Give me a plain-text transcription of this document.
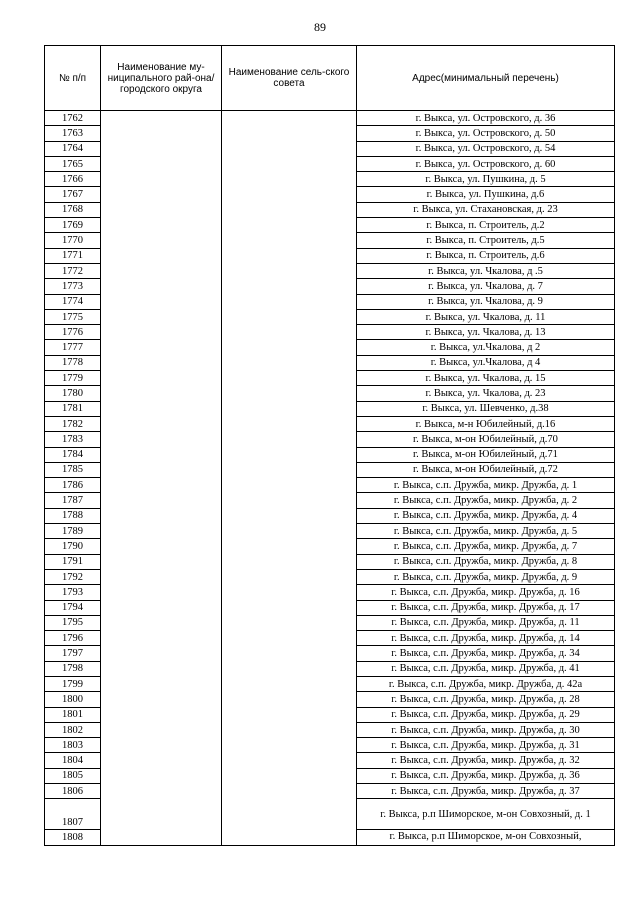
89
№ п/п	Наименование му-ниципального рай-она/ городского округа	Наименование сель-ского совета	Адрес(минимальный перечень)
1762			г. Выкса, ул. Островского, д. 36
1763			г. Выкса, ул. Островского, д. 50
1764			г. Выкса, ул. Островского, д. 54
1765			г. Выкса, ул. Островского, д. 60
1766			г. Выкса, ул. Пушкина, д. 5
1767			г. Выкса, ул. Пушкина, д.6
1768			г. Выкса, ул. Стахановская, д. 23
1769			г. Выкса, п. Строитель, д.2
1770			г. Выкса, п. Строитель, д.5
1771			г. Выкса, п. Строитель, д.6
1772			г. Выкса, ул. Чкалова, д .5
1773			г. Выкса, ул. Чкалова, д. 7
1774			г. Выкса, ул. Чкалова, д. 9
1775			г. Выкса, ул. Чкалова, д. 11
1776			г. Выкса, ул. Чкалова, д. 13
1777			г. Выкса, ул.Чкалова, д 2
1778			г. Выкса, ул.Чкалова, д 4
1779			г. Выкса, ул. Чкалова, д. 15
1780			г. Выкса, ул. Чкалова, д. 23
1781			г. Выкса, ул. Шевченко, д.38
1782			г. Выкса, м-н Юбилейный, д.16
1783			г. Выкса, м-он Юбилейный, д.70
1784			г. Выкса, м-он Юбилейный, д.71
1785			г. Выкса, м-он Юбилейный, д.72
1786			г. Выкса, с.п. Дружба, микр. Дружба, д. 1
1787			г. Выкса, с.п. Дружба, микр. Дружба, д. 2
1788			г. Выкса, с.п. Дружба, микр. Дружба, д. 4
1789			г. Выкса, с.п. Дружба, микр. Дружба, д. 5
1790			г. Выкса, с.п. Дружба, микр. Дружба, д. 7
1791			г. Выкса, с.п. Дружба, микр. Дружба, д. 8
1792			г. Выкса, с.п. Дружба, микр. Дружба, д. 9
1793			г. Выкса, с.п. Дружба, микр. Дружба, д. 16
1794			г. Выкса, с.п. Дружба, микр. Дружба, д. 17
1795			г. Выкса, с.п. Дружба, микр. Дружба, д. 11
1796			г. Выкса, с.п. Дружба, микр. Дружба, д. 14
1797			г. Выкса, с.п. Дружба, микр. Дружба, д. 34
1798			г. Выкса, с.п. Дружба, микр. Дружба, д. 41
1799			г. Выкса, с.п. Дружба, микр. Дружба, д. 42а
1800			г. Выкса, с.п. Дружба, микр. Дружба, д. 28
1801			г. Выкса, с.п. Дружба, микр. Дружба, д. 29
1802			г. Выкса, с.п. Дружба, микр. Дружба, д. 30
1803			г. Выкса, с.п. Дружба, микр. Дружба, д. 31
1804			г. Выкса, с.п. Дружба, микр. Дружба, д. 32
1805			г. Выкса, с.п. Дружба, микр. Дружба, д. 36
1806			г. Выкса, с.п. Дружба, микр. Дружба, д. 37
1807			г. Выкса, р.п Шиморское, м-он Совхозный, д. 1
1808			г. Выкса, р.п Шиморское, м-он Совхозный,
